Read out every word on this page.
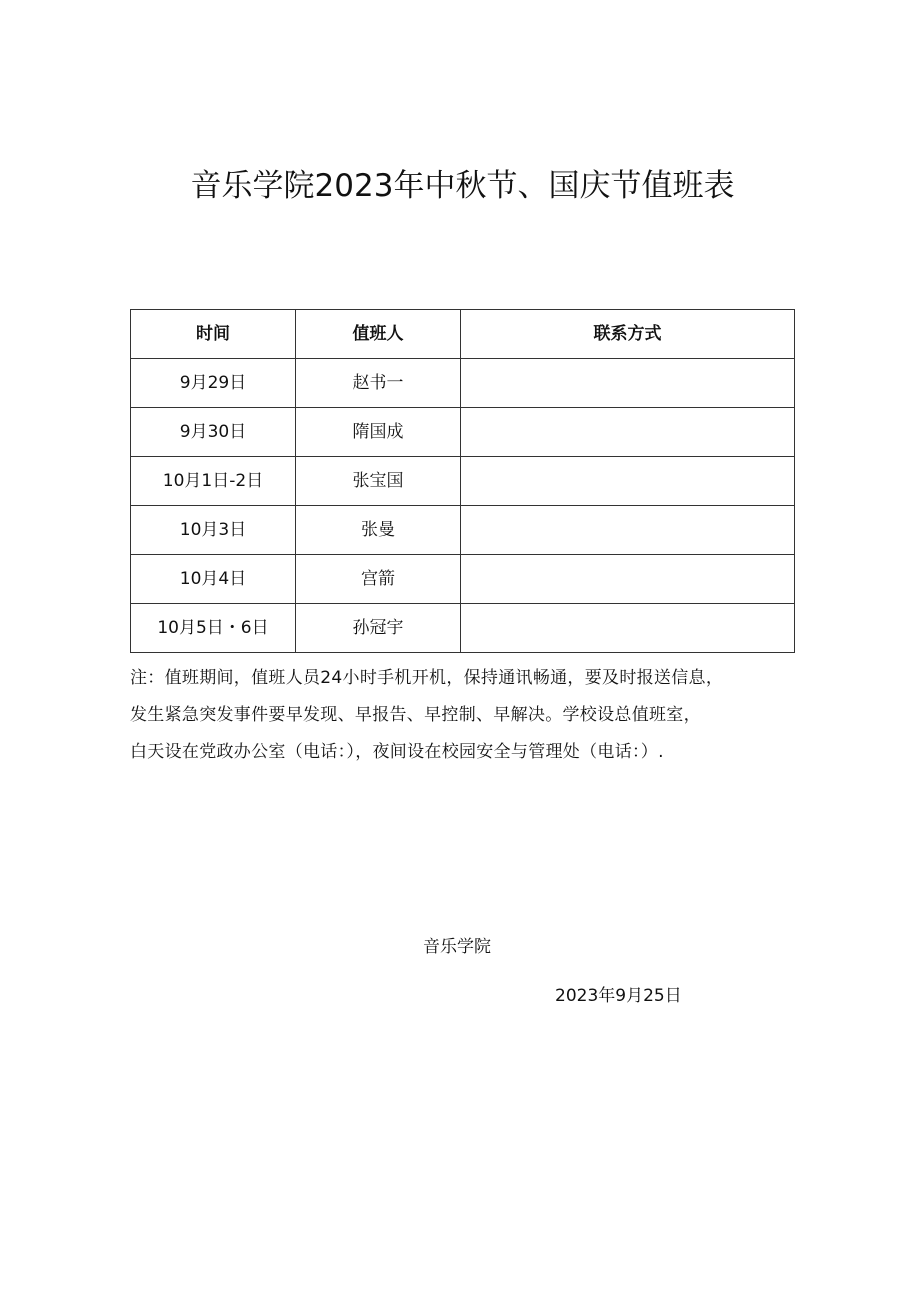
音乐学院2023年中秋节、国庆节值班表
时间	值班人	联系方式
9月29日	赵书一	
9月30日	隋国成	
10月1日-2日	张宝国	
10月3日	张曼	
10月4日	宫箭	
10月5日・6日	孙冠宇	
注：值班期间，值班人员24小时手机开机，保持通讯畅通，要及时报送信息，
发生紧急突发事件要早发现、早报告、早控制、早解决。学校设总值班室，
白天设在党政办公室（电话：），夜间设在校园安全与管理处（电话：）.

音乐学院

2023年9月25日
